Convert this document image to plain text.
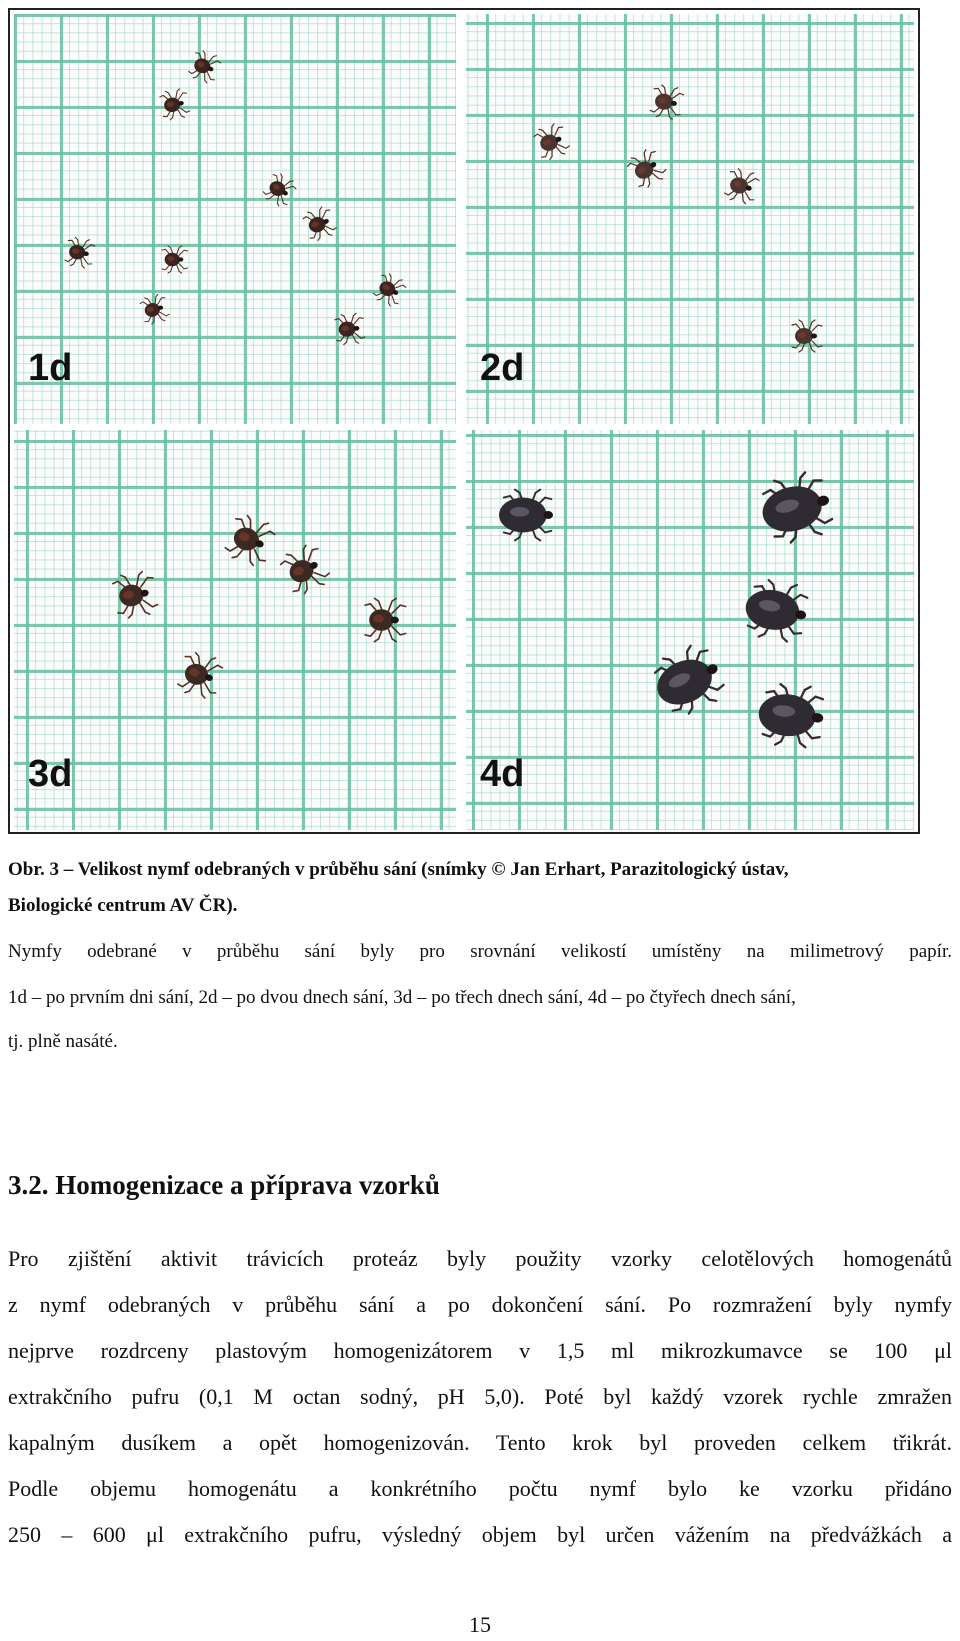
1d	2d
3d	4d
Obr. 3 – Velikost nymf odebraných v průběhu sání (snímky © Jan Erhart, Parazitologický ústav,
Biologické centrum AV ČR).
Nymfy odebrané v průběhu sání byly pro srovnání velikostí umístěny na milimetrový papír.
1d – po prvním dni sání, 2d – po dvou dnech sání, 3d – po třech dnech sání, 4d – po čtyřech dnech sání,
tj. plně nasáté.
3.2. Homogenizace a příprava vzorků
Pro zjištění aktivit trávicích proteáz byly použity vzorky celotělových homogenátů
z nymf odebraných v průběhu sání a po dokončení sání. Po rozmražení byly nymfy
nejprve rozdrceny plastovým homogenizátorem v 1,5 ml mikrozkumavce se 100 μl
extrakčního pufru (0,1 M octan sodný, pH 5,0). Poté byl každý vzorek rychle zmražen
kapalným dusíkem a opět homogenizován. Tento krok byl proveden celkem třikrát.
Podle objemu homogenátu a konkrétního počtu nymf bylo ke vzorku přidáno
250 – 600 μl extrakčního pufru, výsledný objem byl určen vážením na předvážkách a
15
